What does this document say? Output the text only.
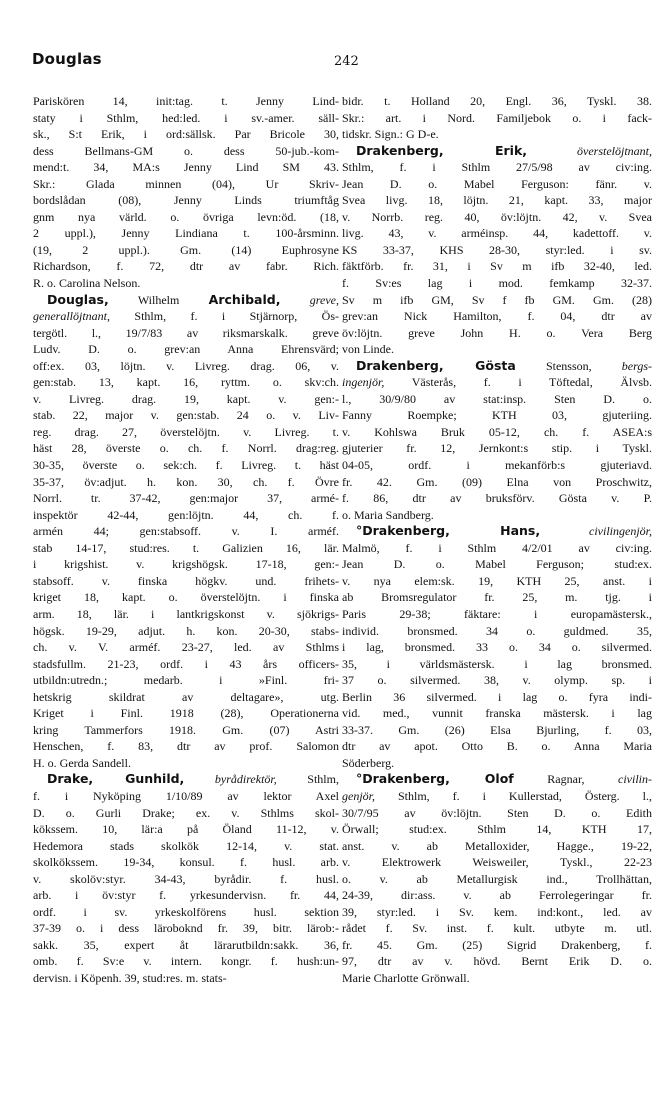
Douglas	242
Pariskören 14, init:tag. t. Jenny Lind-
staty i Sthlm, hed:led. i sv.-amer. säll-
sk., S:t Erik, i ord:sällsk. Par Bricole 30,
dess Bellmans-GM o. dess 50-jub.-kom-
mend:t. 34, MA:s Jenny Lind SM 43.
Skr.: Glada minnen (04), Ur Skriv-
bordslådan (08), Jenny Linds triumftåg
gnm nya värld. o. övriga levn:öd. (18,
2 uppl.), Jenny Lindiana t. 100-årsminn.
(19, 2 uppl.). Gm. (14) Euphrosyne
Richardson, f. 72, dtr av fabr. Rich.
R. o. Carolina Nelson.
Douglas, Wilhelm Archibald, greve,
generallöjtnant, Sthlm, f. i Stjärnorp, Ös-
tergötl. l., 19/7/83 av riksmarskalk. greve
Ludv. D. o. grev:an Anna Ehrensvärd;
off:ex. 03, löjtn. v. Livreg. drag. 06, v.
gen:stab. 13, kapt. 16, ryttm. o. skv:ch.
v. Livreg. drag. 19, kapt. v. gen:-
stab. 22, major v. gen:stab. 24 o. v. Liv-
reg. drag. 27, överstelöjtn. v. Livreg. t.
häst 28, överste o. ch. f. Norrl. drag:reg.
30-35, överste o. sek:ch. f. Livreg. t. häst
35-37, öv:adjut. h. kon. 30, ch. f. Övre
Norrl. tr. 37-42, gen:major 37, armé-
inspektör 42-44, gen:löjtn. 44, ch. f.
armén 44; gen:stabsoff. v. I. arméf.
stab 14-17, stud:res. t. Galizien 16, lär.
i krigshist. v. krigshögsk. 17-18, gen:-
stabsoff. v. finska högkv. und. frihets-
kriget 18, kapt. o. överstelöjtn. i finska
arm. 18, lär. i lantkrigskonst v. sjökrigs-
högsk. 19-29, adjut. h. kon. 20-30, stabs-
ch. v. V. arméf. 23-27, led. av Sthlms
stadsfullm. 21-23, ordf. i 43 års officers-
utbildn:utredn.; medarb. i »Finl. fri-
hetskrig skildrat av deltagare», utg.
Kriget i Finl. 1918 (28), Operationerna
kring Tammerfors 1918. Gm. (07) Astri
Henschen, f. 83, dtr av prof. Salomon
H. o. Gerda Sandell.
Drake, Gunhild, byrådirektör, Sthlm,
f. i Nyköping 1/10/89 av lektor Axel
D. o. Gurli Drake; ex. v. Sthlms skol-
kökssem. 10, lär:a på Öland 11-12, v.
Hedemora stads skolkök 12-14, v. stat.
skolkökssem. 19-34, konsul. f. husl. arb.
v. skolöv:styr. 34-43, byrådir. f. husl.
arb. i öv:styr f. yrkesundervisn. fr. 44,
ordf. i sv. yrkeskolförens husl. sektion
37-39 o. i dess läroboknd fr. 39, bitr. lärob:-
sakk. 35, expert åt lärarutbildn:sakk. 36,
omb. f. Sv:e v. intern. kongr. f. hush:un-
dervisn. i Köpenh. 39, stud:res. m. stats-
bidr. t. Holland 20, Engl. 36, Tyskl. 38.
Skr.: art. i Nord. Familjebok o. i fack-
tidskr. Sign.: G D-e.
Drakenberg, Erik, överstelöjtnant,
Sthlm, f. i Sthlm 27/5/98 av civ:ing.
Jean D. o. Mabel Ferguson: fänr. v.
Svea livg. 18, löjtn. 21, kapt. 33, major
v. Norrb. reg. 40, öv:löjtn. 42, v. Svea
livg. 43, v. arméinsp. 44, kadettoff. v.
KS 33-37, KHS 28-30, styr:led. i sv.
fäktförb. fr. 31, i Sv m ifb 32-40, led.
f. Sv:es lag i mod. femkamp 32-37.
Sv m ifb GM, Sv f fb GM. Gm. (28)
grev:an Nick Hamilton, f. 04, dtr av
öv:löjtn. greve John H. o. Vera Berg
von Linde.
Drakenberg, Gösta Stensson, bergs-
ingenjör, Västerås, f. i Töftedal, Älvsb.
l., 30/9/80 av stat:insp. Sten D. o.
Fanny Roempke; KTH 03, gjuteriing.
v. Kohlswa Bruk 05-12, ch. f. ASEA:s
gjuterier fr. 12, Jernkont:s stip. i Tyskl.
04-05, ordf. i mekanförb:s gjuteriavd.
fr. 42. Gm. (09) Elna von Proschwitz,
f. 86, dtr av bruksförv. Gösta v. P.
o. Maria Sandberg.
°Drakenberg, Hans, civilingenjör,
Malmö, f. i Sthlm 4/2/01 av civ:ing.
Jean D. o. Mabel Ferguson; stud:ex.
v. nya elem:sk. 19, KTH 25, anst. i
ab Bromsregulator fr. 25, m. tjg. i
Paris 29-38; fäktare: i europamästersk.,
individ. bronsmed. 34 o. guldmed. 35,
i lag, bronsmed. 33 o. 34 o. silvermed.
35, i världsmästersk. i lag bronsmed.
37 o. silvermed. 38, v. olymp. sp. i
Berlin 36 silvermed. i lag o. fyra indi-
vid. med., vunnit franska mästersk. i lag
33-37. Gm. (26) Elsa Bjurling, f. 03,
dtr av apot. Otto B. o. Anna Maria
Söderberg.
°Drakenberg, Olof Ragnar, civilin-
genjör, Sthlm, f. i Kullerstad, Österg. l.,
30/7/95 av öv:löjtn. Sten D. o. Edith
Örwall; stud:ex. Sthlm 14, KTH 17,
anst. v. ab Metalloxider, Hagge., 19-22,
v. Elektrowerk Weisweiler, Tyskl., 22-23
o. v. ab Metallurgisk ind., Trollhättan,
24-39, dir:ass. v. ab Ferrolegeringar fr.
39, styr:led. i Sv. kem. ind:kont., led. av
rådet f. Sv. inst. f. kult. utbyte m. utl.
fr. 45. Gm. (25) Sigrid Drakenberg, f.
97, dtr av v. hövd. Bernt Erik D. o.
Marie Charlotte Grönwall.
